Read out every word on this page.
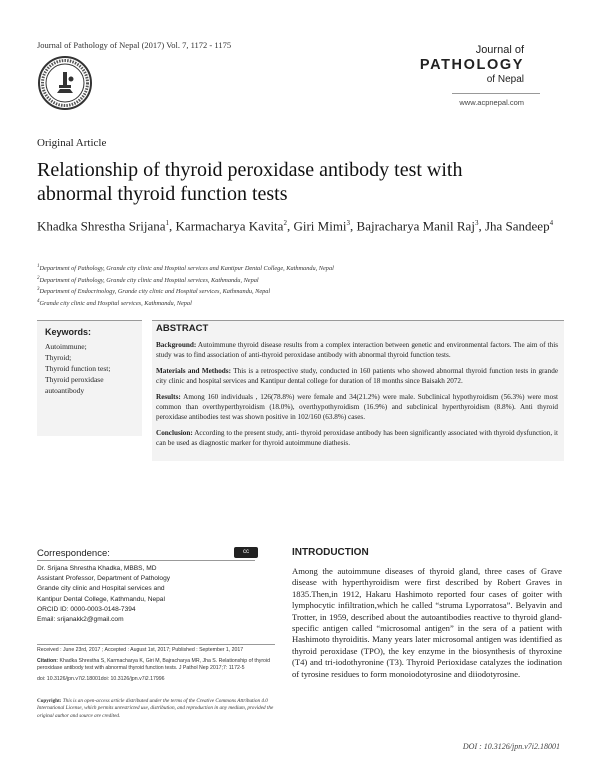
Journal of Pathology of Nepal (2017) Vol. 7, 1172 - 1175	Journal of
PATHOLOGY
of Nepal
www.acpnepal.com
Original Article
Relationship of thyroid peroxidase antibody test with abnormal thyroid function tests
Khadka Shrestha Srijana$^1$, Karmacharya Kavita$^2$, Giri Mimi$^3$, Bajracharya Manil Raj$^3$, Jha Sandeep$^4$
$^1$Department of Pathology, Grande city clinic and Hospital services and Kantipur Dental College, Kathmandu, Nepal
$^2$Department of Pathology, Grande city clinic and Hospital services, Kathmandu, Nepal
$^3$Department of Endocrinology, Grande city clinic and Hospital services, Kathmandu, Nepal
$^4$Grande city clinic and Hospital services, Kathmandu, Nepal
Keywords:
Autoimmune;
Thyroid;
Thyroid function test;
Thyroid peroxidase autoantibody
ABSTRACT
Background: Autoimmune thyroid disease results from a complex interaction between genetic and environmental factors. The aim of this study was to find association of anti-thyroid peroxidase antibody with abnormal thyroid function tests.
Materials and Methods: This is a retrospective study, conducted in 160 patients who showed abnormal thyroid function tests in grande city clinic and hospital services and Kantipur dental college for duration of 18 months since Baisakh 2072.
Results: Among 160 individuals , 126(78.8%) were female and 34(21.2%) were male. Subclinical hypothyroidism (56.3%) were most common than overthyperthyroidism (18.0%), overthypothyroidism (16.9%) and subclinical hyperthyroidism (8.8%). Anti thyroid peroxidase antibodies test was shown positive in 102/160 (63.8%) cases.
Conclusion: According to the present study, anti- thyroid peroxidase antibody has been significantly associated with thyroid dysfunction, it can be used as diagnostic marker for thyroid autoimmune diathesis.
Correspondence:
Dr. Srijana Shrestha Khadka, MBBS, MD
Assistant Professor, Department of Pathology
Grande city clinic and Hospital services and
Kantipur Dental College, Kathmandu, Nepal
ORCID ID: 0000-0003-0148-7394
Email: srijanakk2@gmail.com
cc
Received : June 23rd, 2017 ; Accepted : August 1st, 2017; Published : September 1, 2017
Citation: Khadka Shrestha S, Karmacharya K, Giri M, Bajracharya MR, Jha S. Relationship of thyroid peroxidase antibody test with abnormal thyroid function tests. J Pathol Nep 2017;7: 1172-5
doi: 10.3126/jpn.v7i2.18001doi: 10.3126/jpn.v7i2.17996
Copyright: This is an open-access article distributed under the terms of the Creative Commons Attribution 4.0 International License, which permits unrestricted use, distribution, and reproduction in any medium, provided the original author and source are credited.
INTRODUCTION
Among the autoimmune diseases of thyroid gland, three cases of Grave disease with hyperthyroidism were first described by Robert Graves in 1835.Then,in 1912, Hakaru Hashimoto reported four cases of goiter with lymphocytic infiltration,which he called “struma Lyporratosa”. Belyavin and Trotter, in 1959, described about the autoantibodies reactive to thyroid gland-specific antigen called “microsomal antigen” in the sera of a patient with Hashimoto thyroiditis. Many years later microsomal antigen was identified as thyroid peroxidase (TPO), the key enzyme in the biosynthesis of thyroxine (T4) and tri-iodothyronine (T3). Thyroid Perioxidase catalyzes the iodination of tyrosine residues to form monoiodotyrosine and diiodotyrosine.
DOI : 10.3126/jpn.v7i2.18001
